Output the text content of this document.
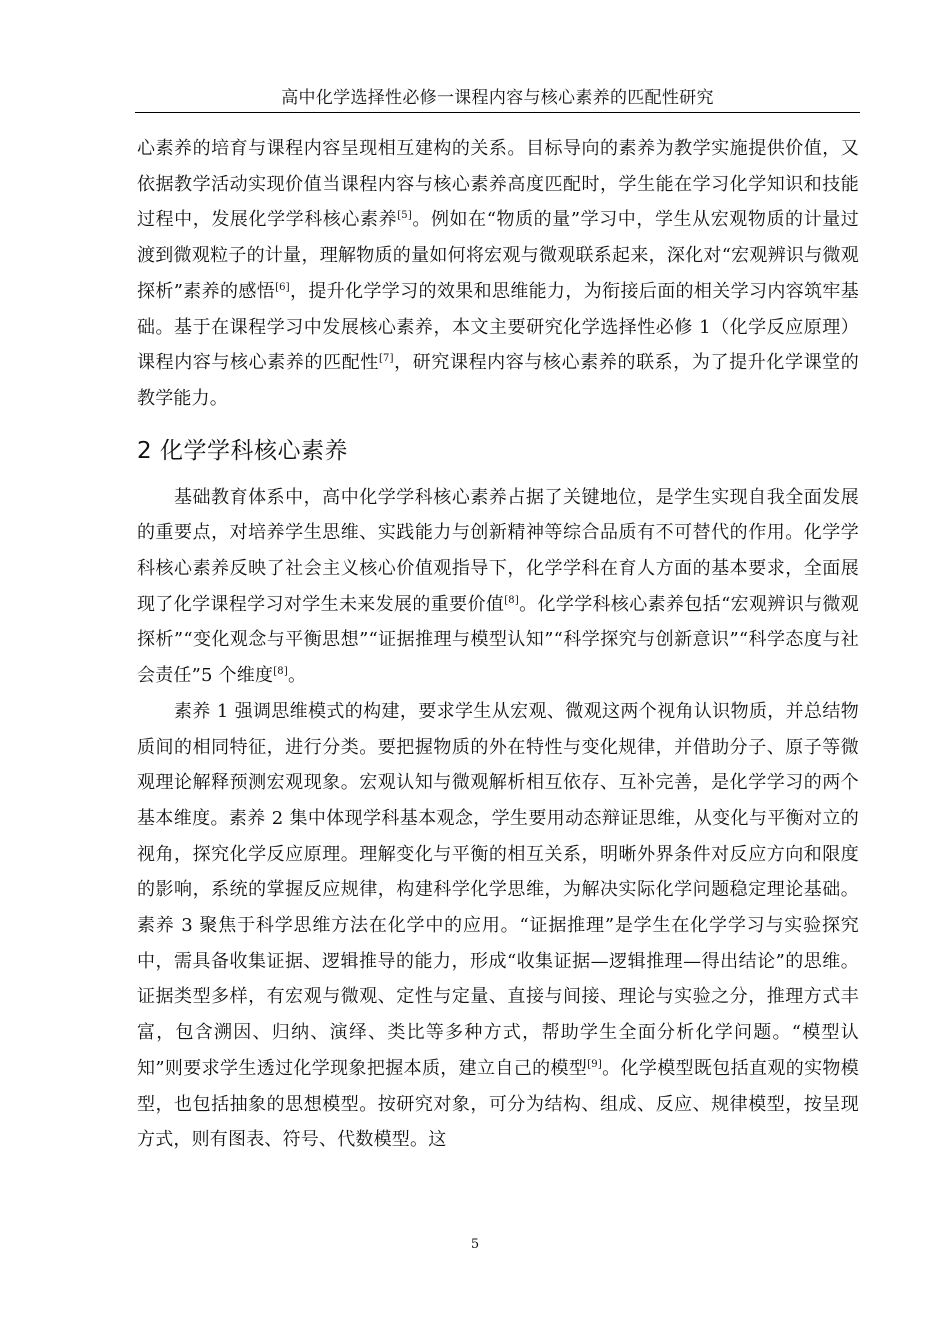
高中化学选择性必修一课程内容与核心素养的匹配性研究

心素养的培育与课程内容呈现相互建构的关系。目标导向的素养为教学实施提供价值，又依据教学活动实现价值当课程内容与核心素养高度匹配时，学生能在学习化学知识和技能过程中，发展化学学科核心素养[5]。例如在“物质的量”学习中，学生从宏观物质的计量过渡到微观粒子的计量，理解物质的量如何将宏观与微观联系起来，深化对“宏观辨识与微观探析”素养的感悟[6]，提升化学学习的效果和思维能力，为衔接后面的相关学习内容筑牢基础。基于在课程学习中发展核心素养，本文主要研究化学选择性必修 1（化学反应原理）课程内容与核心素养的匹配性[7]，研究课程内容与核心素养的联系，为了提升化学课堂的教学能力。

2 化学学科核心素养

基础教育体系中，高中化学学科核心素养占据了关键地位，是学生实现自我全面发展的重要点，对培养学生思维、实践能力与创新精神等综合品质有不可替代的作用。化学学科核心素养反映了社会主义核心价值观指导下，化学学科在育人方面的基本要求，全面展现了化学课程学习对学生未来发展的重要价值[8]。化学学科核心素养包括“宏观辨识与微观探析”“变化观念与平衡思想”“证据推理与模型认知”“科学探究与创新意识”“科学态度与社会责任”5 个维度[8]。

素养 1 强调思维模式的构建，要求学生从宏观、微观这两个视角认识物质，并总结物质间的相同特征，进行分类。要把握物质的外在特性与变化规律，并借助分子、原子等微观理论解释预测宏观现象。宏观认知与微观解析相互依存、互补完善，是化学学习的两个基本维度。素养 2 集中体现学科基本观念，学生要用动态辩证思维，从变化与平衡对立的视角，探究化学反应原理。理解变化与平衡的相互关系，明晰外界条件对反应方向和限度的影响，系统的掌握反应规律，构建科学化学思维，为解决实际化学问题稳定理论基础。素养 3 聚焦于科学思维方法在化学中的应用。“证据推理”是学生在化学学习与实验探究中，需具备收集证据、逻辑推导的能力，形成“收集证据—逻辑推理—得出结论”的思维。证据类型多样，有宏观与微观、定性与定量、直接与间接、理论与实验之分，推理方式丰富，包含溯因、归纳、演绎、类比等多种方式，帮助学生全面分析化学问题。“模型认知”则要求学生透过化学现象把握本质，建立自己的模型[9]。化学模型既包括直观的实物模型，也包括抽象的思想模型。按研究对象，可分为结构、组成、反应、规律模型，按呈现方式，则有图表、符号、代数模型。这

5
